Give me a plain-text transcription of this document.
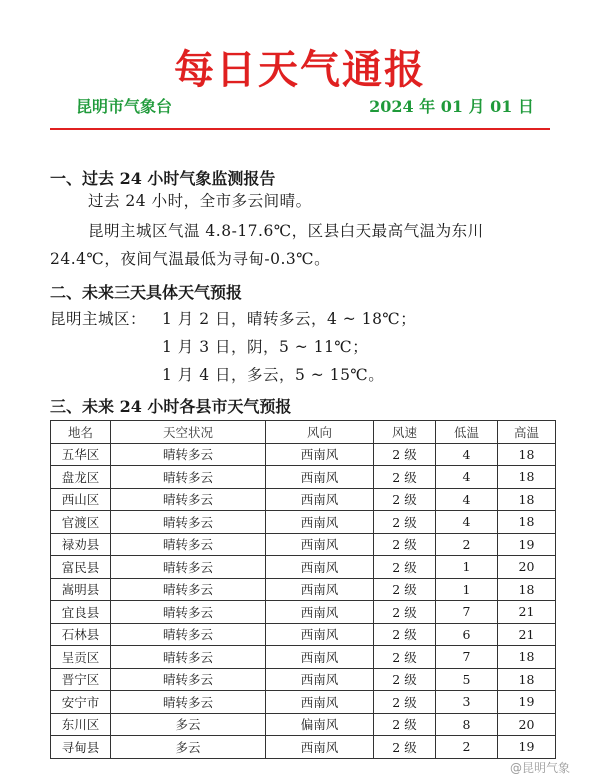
每日天气通报
昆明市气象台	2024 年 01 月 01 日
一、过去 24 小时气象监测报告
过去 24 小时，全市多云间晴。
昆明主城区气温 4.8-17.6℃，区县白天最高气温为东川
24.4℃，夜间气温最低为寻甸-0.3℃。
二、未来三天具体天气预报
昆明主城区： 1 月 2 日，晴转多云，4 ~ 18℃；
1 月 3 日，阴，5 ~ 11℃；
1 月 4 日，多云，5 ~ 15℃。
三、未来 24 小时各县市天气预报
地名	天空状况	风向	风速	低温	高温
五华区	晴转多云	西南风	2 级	4	18
盘龙区	晴转多云	西南风	2 级	4	18
西山区	晴转多云	西南风	2 级	4	18
官渡区	晴转多云	西南风	2 级	4	18
禄劝县	晴转多云	西南风	2 级	2	19
富民县	晴转多云	西南风	2 级	1	20
嵩明县	晴转多云	西南风	2 级	1	18
宜良县	晴转多云	西南风	2 级	7	21
石林县	晴转多云	西南风	2 级	6	21
呈贡区	晴转多云	西南风	2 级	7	18
晋宁区	晴转多云	西南风	2 级	5	18
安宁市	晴转多云	西南风	2 级	3	19
东川区	多云	偏南风	2 级	8	20
寻甸县	多云	西南风	2 级	2	19
@昆明气象
